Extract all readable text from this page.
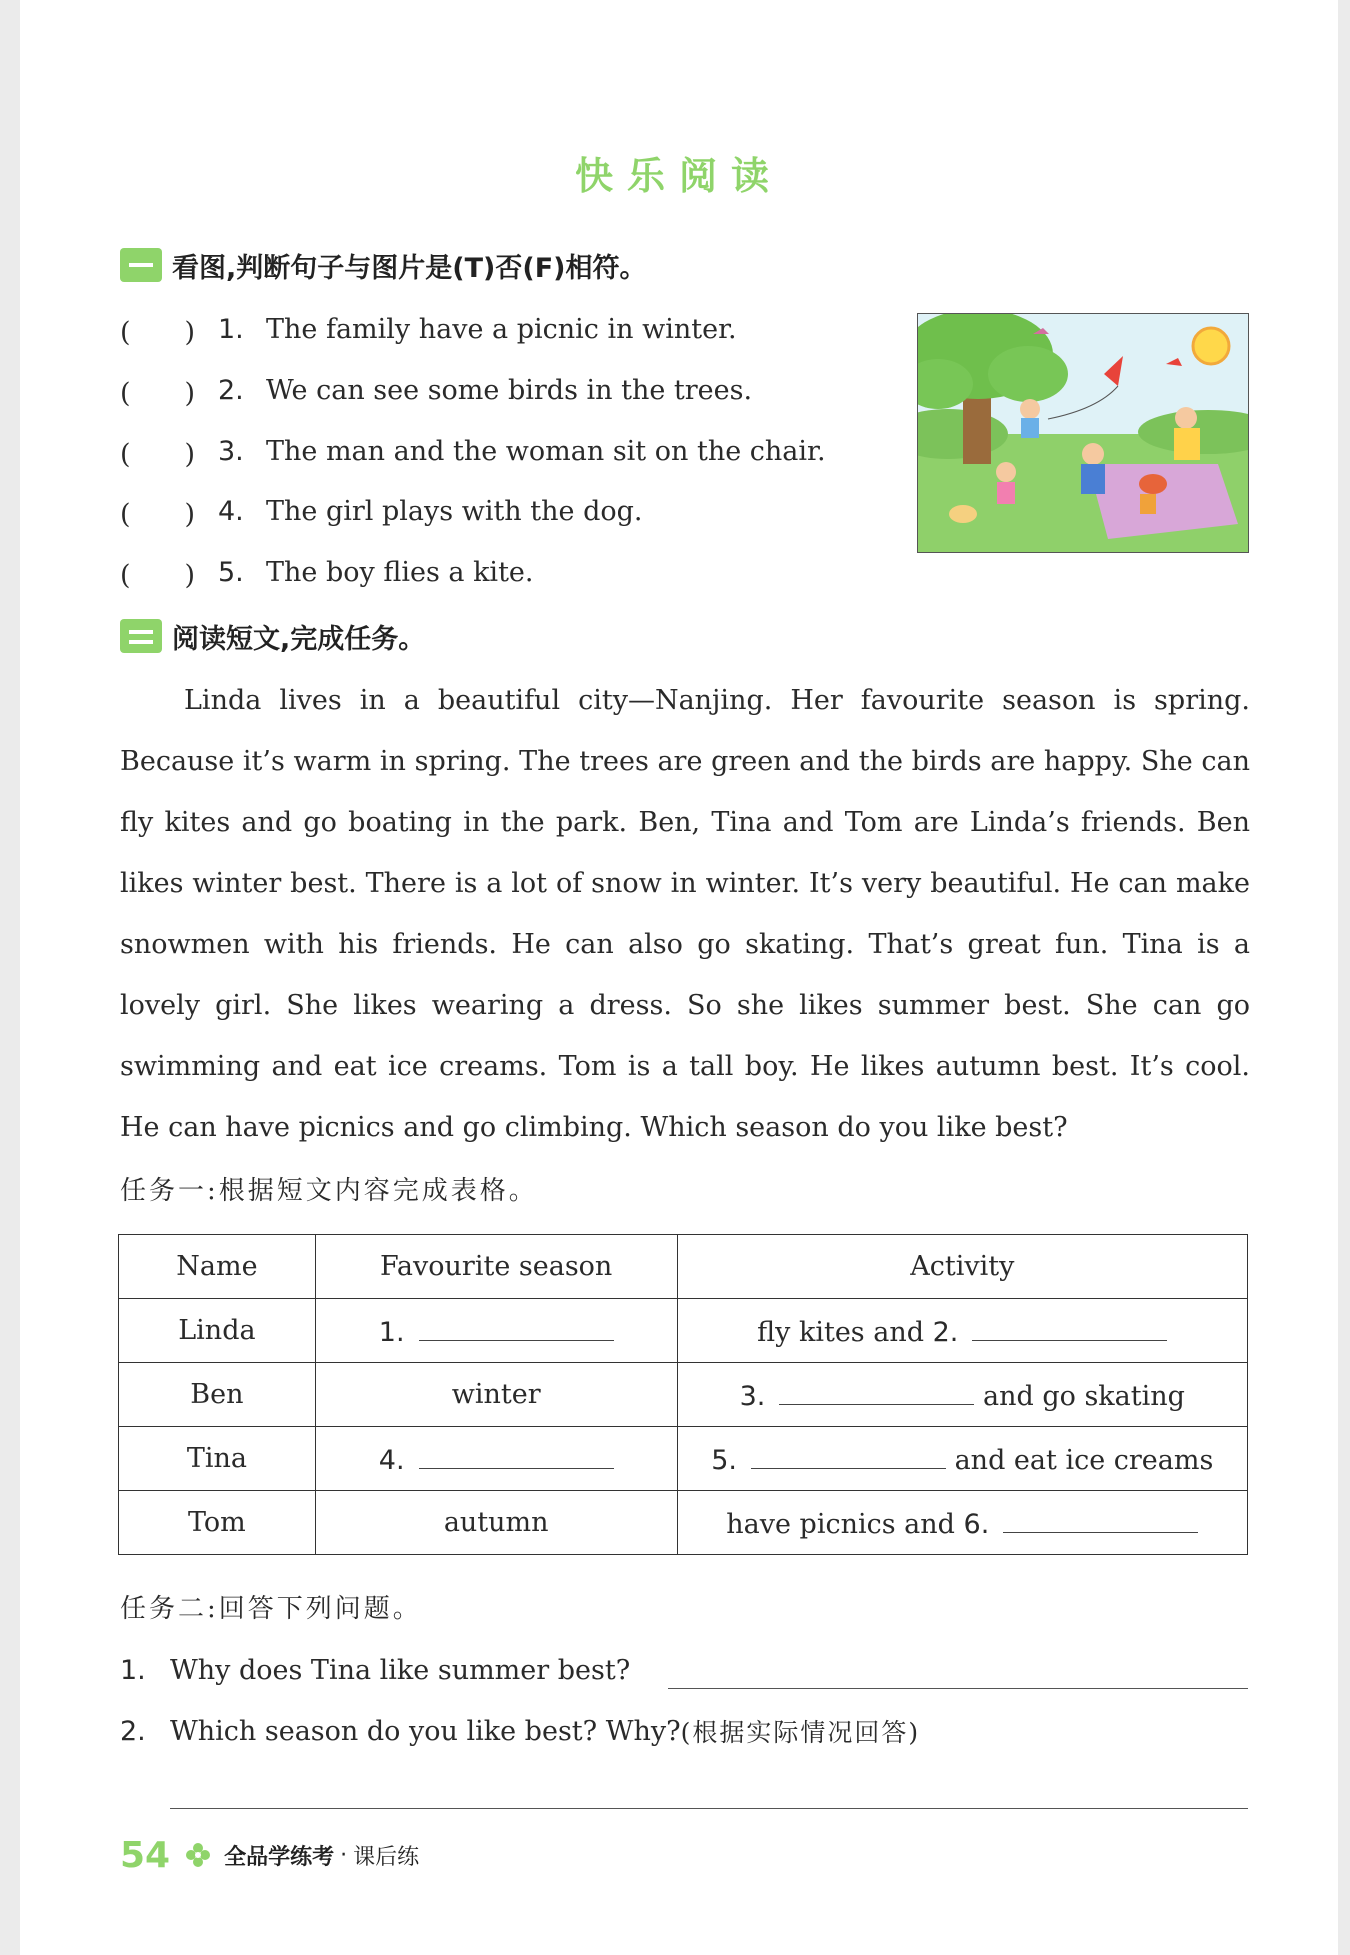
快乐阅读
看图,判断句子与图片是(T)否(F)相符。
(　　) 1. The family have a picnic in winter.
(　　) 2. We can see some birds in the trees.
(　　) 3. The man and the woman sit on the chair.
(　　) 4. The girl plays with the dog.
(　　) 5. The boy flies a kite.
阅读短文,完成任务。
Linda lives in a beautiful city—Nanjing. Her favourite season is spring. Because it’s warm in spring. The trees are green and the birds are happy. She can fly kites and go boating in the park. Ben, Tina and Tom are Linda’s friends. Ben likes winter best. There is a lot of snow in winter. It’s very beautiful. He can make snowmen with his friends. He can also go skating. That’s great fun. Tina is a lovely girl. She likes wearing a dress. So she likes summer best. She can go swimming and eat ice creams. Tom is a tall boy. He likes autumn best. It’s cool. He can have picnics and go climbing. Which season do you like best?
任务一:根据短文内容完成表格。
Name	Favourite season	Activity
Linda	1.	fly kites and 2.
Ben	winter	3. and go skating
Tina	4.	5. and eat ice creams
Tom	autumn	have picnics and 6.
任务二:回答下列问题。
1. Why does Tina like summer best?
2. Which season do you like best? Why? (根据实际情况回答)
54 全品学练考 · 课后练
